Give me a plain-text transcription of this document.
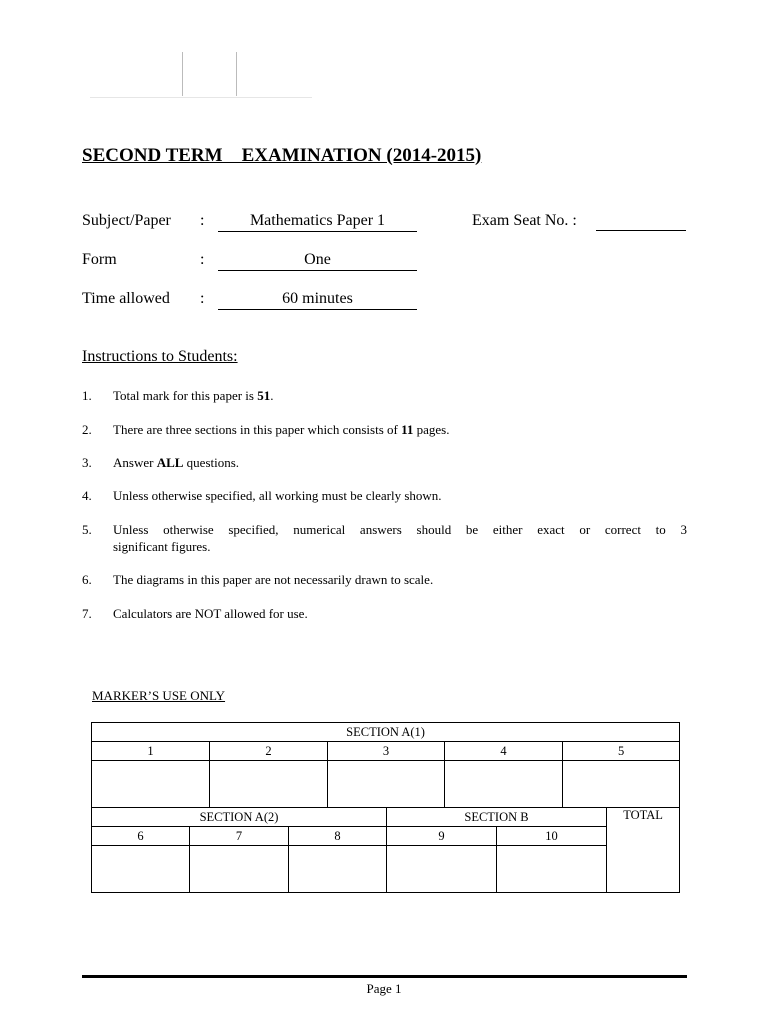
SECOND TERM    EXAMINATION (2014-2015)
Subject/Paper :	Mathematics Paper 1	Exam Seat No. :
Form	:	One
Time allowed :	60 minutes
Instructions to Students:
1. Total mark for this paper is 51.
2. There are three sections in this paper which consists of 11 pages.
3. Answer ALL questions.
4. Unless otherwise specified, all working must be clearly shown.
5. Unless otherwise specified, numerical answers should be either exact or correct to 3
significant figures.
6. The diagrams in this paper are not necessarily drawn to scale.
7. Calculators are NOT allowed for use.
MARKER’S USE ONLY
SECTION A(1)									
1		2		3		4		5	

SECTION A(2)					SECTION B				TOTAL
6	7		8		9		10		

Page 1
